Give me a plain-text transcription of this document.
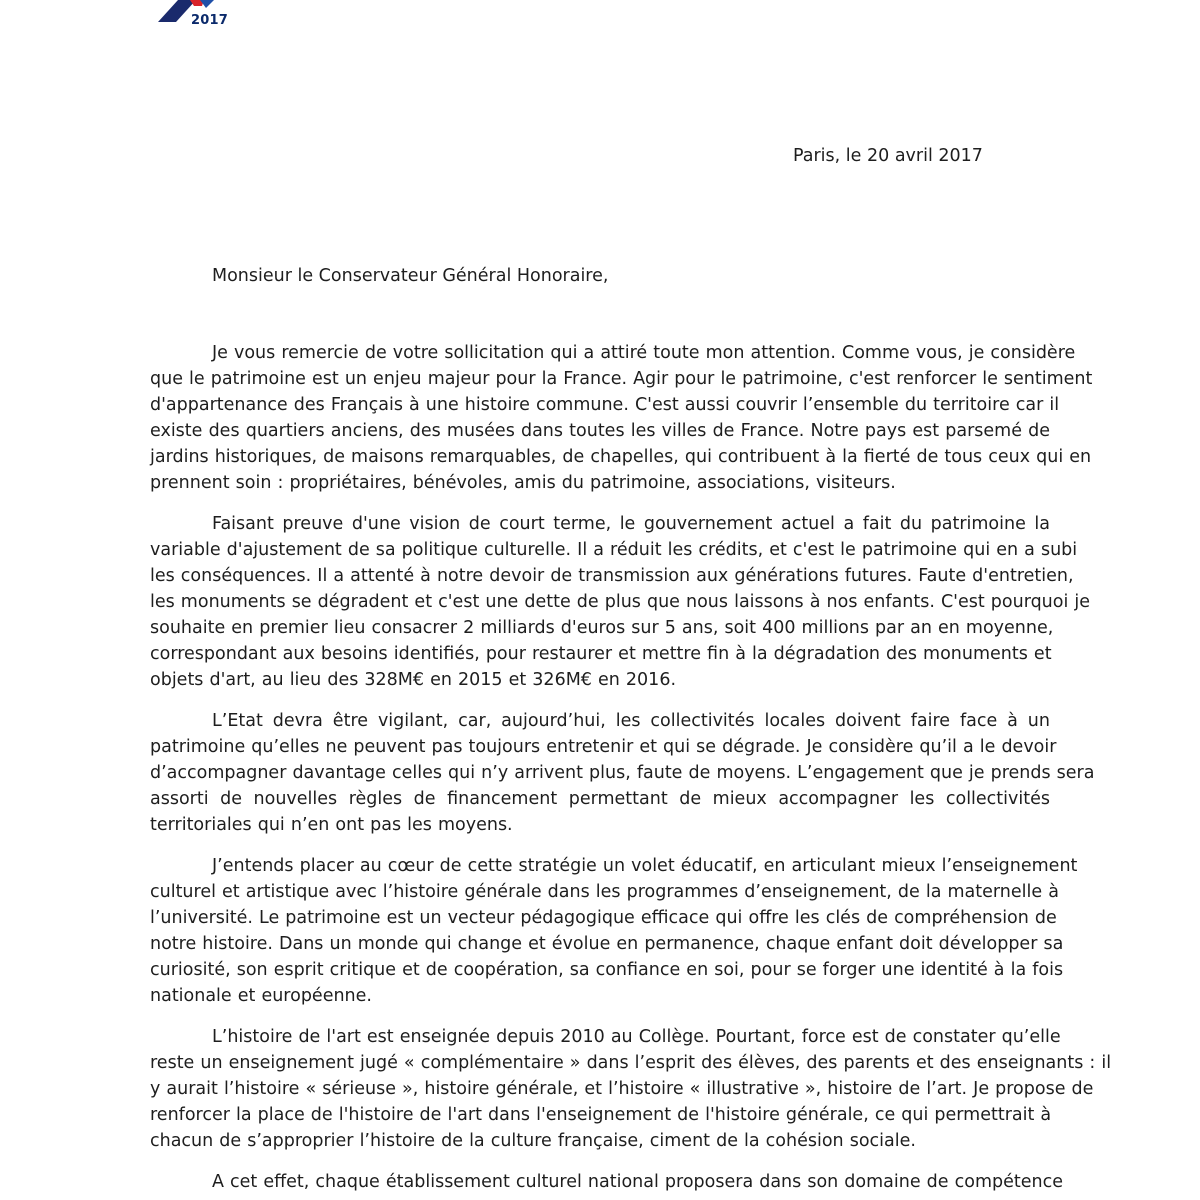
2017
Paris, le 20 avril 2017
Monsieur le Conservateur Général Honoraire,
Je vous remercie de votre sollicitation qui a attiré toute mon attention. Comme vous, je considère
que le patrimoine est un enjeu majeur pour la France. Agir pour le patrimoine, c'est renforcer le sentiment
d'appartenance des Français à une histoire commune. C'est aussi couvrir l’ensemble du territoire car il
existe des quartiers anciens, des musées dans toutes les villes de France. Notre pays est parsemé de
jardins historiques, de maisons remarquables, de chapelles, qui contribuent à la fierté de tous ceux qui en
prennent soin : propriétaires, bénévoles, amis du patrimoine, associations, visiteurs.
Faisant preuve d'une vision de court terme, le gouvernement actuel a fait du patrimoine la
variable d'ajustement de sa politique culturelle. Il a réduit les crédits, et c'est le patrimoine qui en a subi
les conséquences. Il a attenté à notre devoir de transmission aux générations futures. Faute d'entretien,
les monuments se dégradent et c'est une dette de plus que nous laissons à nos enfants. C'est pourquoi je
souhaite en premier lieu consacrer 2 milliards d'euros sur 5 ans, soit 400 millions par an en moyenne,
correspondant aux besoins identifiés, pour restaurer et mettre fin à la dégradation des monuments et
objets d'art, au lieu des 328M€ en 2015 et 326M€ en 2016.
L’Etat devra être vigilant, car, aujourd’hui, les collectivités locales doivent faire face à un
patrimoine qu’elles ne peuvent pas toujours entretenir et qui se dégrade. Je considère qu’il a le devoir
d’accompagner davantage celles qui n’y arrivent plus, faute de moyens. L’engagement que je prends sera
assorti de nouvelles règles de financement permettant de mieux accompagner les collectivités
territoriales qui n’en ont pas les moyens.
J’entends placer au cœur de cette stratégie un volet éducatif, en articulant mieux l’enseignement
culturel et artistique avec l’histoire générale dans les programmes d’enseignement, de la maternelle à
l’université. Le patrimoine est un vecteur pédagogique efficace qui offre les clés de compréhension de
notre histoire. Dans un monde qui change et évolue en permanence, chaque enfant doit développer sa
curiosité, son esprit critique et de coopération, sa confiance en soi, pour se forger une identité à la fois
nationale et européenne.
L’histoire de l'art est enseignée depuis 2010 au Collège. Pourtant, force est de constater qu’elle
reste un enseignement jugé « complémentaire » dans l’esprit des élèves, des parents et des enseignants : il
y aurait l’histoire « sérieuse », histoire générale, et l’histoire « illustrative », histoire de l’art. Je propose de
renforcer la place de l'histoire de l'art dans l'enseignement de l'histoire générale, ce qui permettrait à
chacun de s’approprier l’histoire de la culture française, ciment de la cohésion sociale.
A cet effet, chaque établissement culturel national proposera dans son domaine de compétence
